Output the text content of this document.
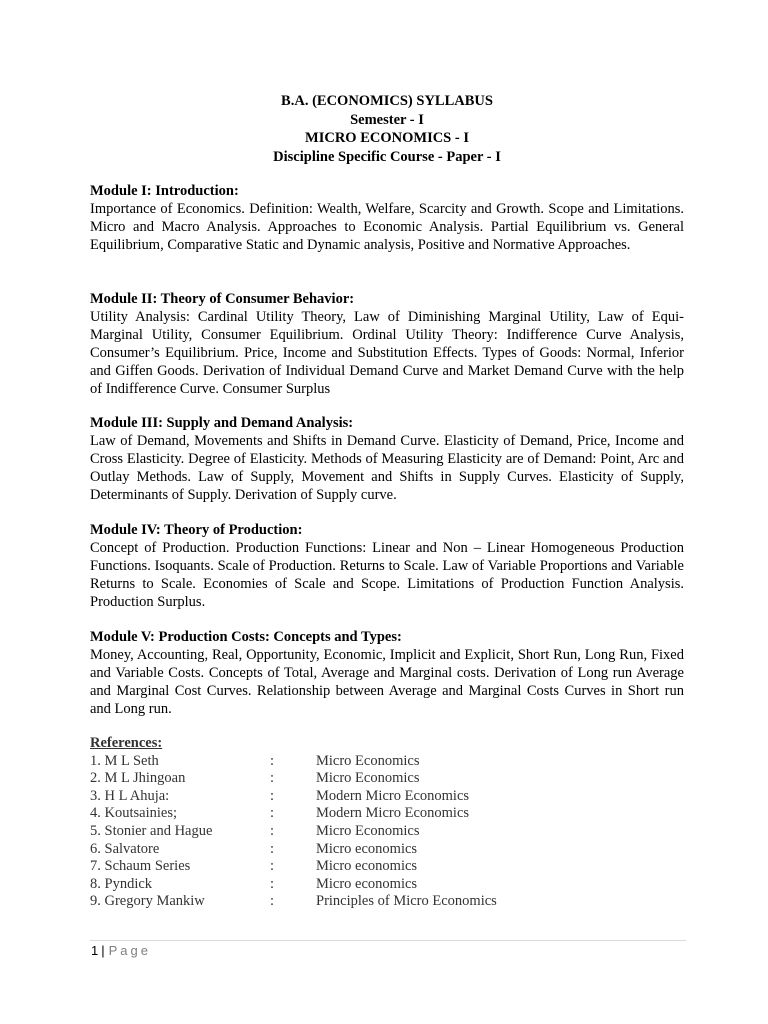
B.A. (ECONOMICS) SYLLABUS
Semester - I
MICRO ECONOMICS - I
Discipline Specific Course - Paper - I
Module I: Introduction:
Importance of Economics. Definition: Wealth, Welfare, Scarcity and Growth. Scope and Limitations. Micro and Macro Analysis. Approaches to Economic Analysis. Partial Equilibrium vs. General Equilibrium, Comparative Static and Dynamic analysis, Positive and Normative Approaches.
Module II: Theory of Consumer Behavior:
Utility Analysis: Cardinal Utility Theory, Law of Diminishing Marginal Utility, Law of Equi-Marginal Utility, Consumer Equilibrium. Ordinal Utility Theory: Indifference Curve Analysis, Consumer’s Equilibrium. Price, Income and Substitution Effects. Types of Goods: Normal, Inferior and Giffen Goods. Derivation of Individual Demand Curve and Market Demand Curve with the help of Indifference Curve. Consumer Surplus
Module III: Supply and Demand Analysis:
Law of Demand, Movements and Shifts in Demand Curve. Elasticity of Demand, Price, Income and Cross Elasticity. Degree of Elasticity. Methods of Measuring Elasticity are of Demand: Point, Arc and Outlay Methods. Law of Supply, Movement and Shifts in Supply Curves. Elasticity of Supply, Determinants of Supply. Derivation of Supply curve.
Module IV: Theory of Production:
Concept of Production. Production Functions: Linear and Non – Linear Homogeneous Production Functions. Isoquants. Scale of Production. Returns to Scale. Law of Variable Proportions and Variable Returns to Scale. Economies of Scale and Scope. Limitations of Production Function Analysis. Production Surplus.
Module V: Production Costs: Concepts and Types:
Money, Accounting, Real, Opportunity, Economic, Implicit and Explicit, Short Run, Long Run, Fixed and Variable Costs. Concepts of Total, Average and Marginal costs. Derivation of Long run Average and Marginal Cost Curves. Relationship between Average and Marginal Costs Curves in Short run and Long run.
References:
1. M L Seth	:	Micro Economics
2. M L Jhingoan	:	Micro Economics
3. H L Ahuja:	:	Modern Micro Economics
4. Koutsainies;	:	Modern Micro Economics
5. Stonier and Hague	:	Micro Economics
6. Salvatore	:	Micro economics
7. Schaum Series	:	Micro economics
8. Pyndick	:	Micro economics
9. Gregory Mankiw	:	Principles of Micro Economics
1 | Page
